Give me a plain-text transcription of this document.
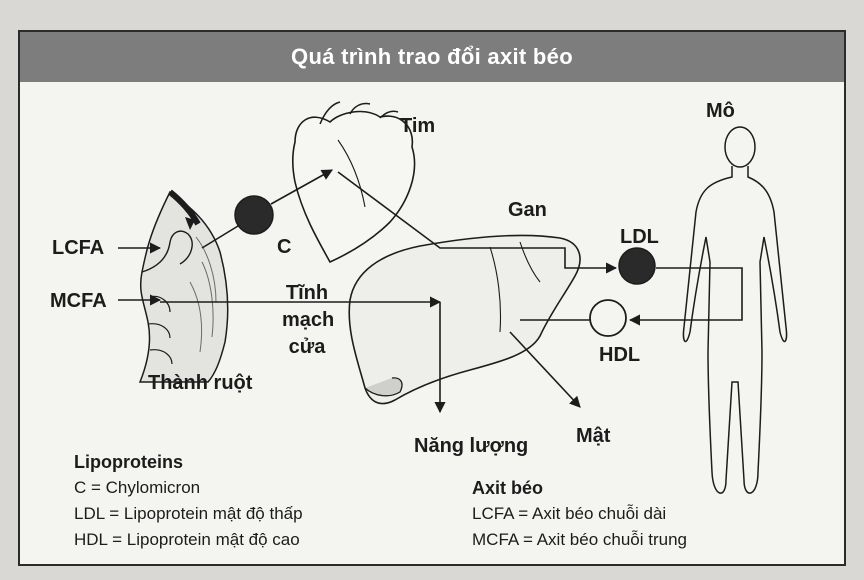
Quá trình trao đổi axit béo
Tim
Mô
Gan
C	LDL
HDL
LCFA
MCFA	Tĩnh
mạch
cửa
Thành ruột
Năng lượng Mật
Lipoproteins
C = Chylomicron
LDL = Lipoprotein mật độ thấp
HDL = Lipoprotein mật độ cao
Axit béo
LCFA = Axit béo chuỗi dài
MCFA = Axit béo chuỗi trung
